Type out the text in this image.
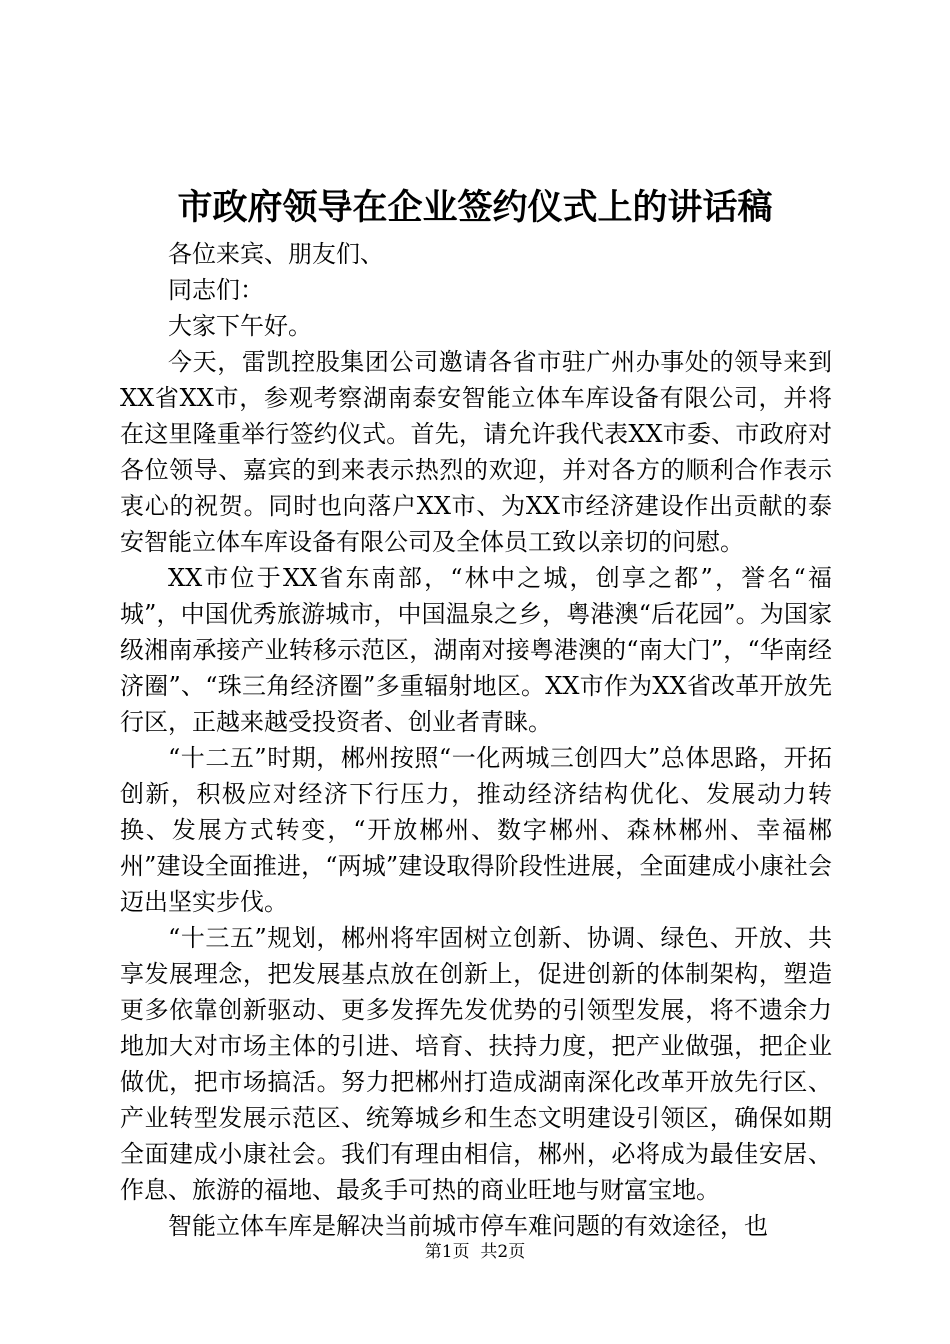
市政府领导在企业签约仪式上的讲话稿

各位来宾、朋友们、

同志们：

大家下午好。

今天，雷凯控股集团公司邀请各省市驻广州办事处的领导来到XX省XX市，参观考察湖南泰安智能立体车库设备有限公司，并将在这里隆重举行签约仪式。首先，请允许我代表XX市委、市政府对各位领导、嘉宾的到来表示热烈的欢迎，并对各方的顺利合作表示衷心的祝贺。同时也向落户XX市、为XX市经济建设作出贡献的泰安智能立体车库设备有限公司及全体员工致以亲切的问慰。

XX市位于XX省东南部，“林中之城，创享之都”，誉名“福城”，中国优秀旅游城市，中国温泉之乡，粤港澳“后花园”。为国家级湘南承接产业转移示范区，湖南对接粤港澳的“南大门”，“华南经济圈”、“珠三角经济圈”多重辐射地区。XX市作为XX省改革开放先行区，正越来越受投资者、创业者青睐。

“十二五”时期，郴州按照“一化两城三创四大”总体思路，开拓创新，积极应对经济下行压力，推动经济结构优化、发展动力转换、发展方式转变，“开放郴州、数字郴州、森林郴州、幸福郴州”建设全面推进，“两城”建设取得阶段性进展，全面建成小康社会迈出坚实步伐。

“十三五”规划，郴州将牢固树立创新、协调、绿色、开放、共享发展理念，把发展基点放在创新上，促进创新的体制架构，塑造更多依靠创新驱动、更多发挥先发优势的引领型发展，将不遗余力地加大对市场主体的引进、培育、扶持力度，把产业做强，把企业做优，把市场搞活。努力把郴州打造成湖南深化改革开放先行区、产业转型发展示范区、统筹城乡和生态文明建设引领区，确保如期全面建成小康社会。我们有理由相信，郴州，必将成为最佳安居、作息、旅游的福地、最炙手可热的商业旺地与财富宝地。

智能立体车库是解决当前城市停车难问题的有效途径，也

第1页 共2页
